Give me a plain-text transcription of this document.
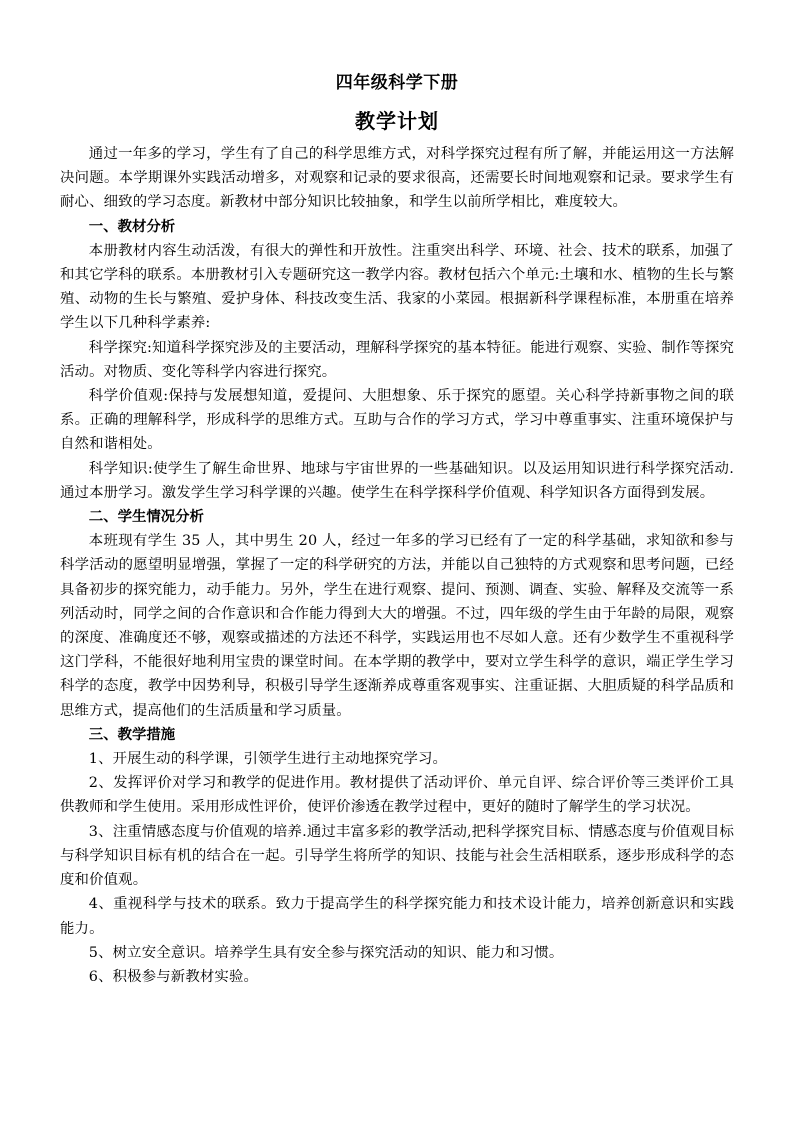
四年级科学下册
教学计划

通过一年多的学习，学生有了自己的科学思维方式，对科学探究过程有所了解，并能运用这一方法解决问题。本学期课外实践活动增多，对观察和记录的要求很高，还需要长时间地观察和记录。要求学生有耐心、细致的学习态度。新教材中部分知识比较抽象，和学生以前所学相比，难度较大。

一、教材分析

本册教材内容生动活泼，有很大的弹性和开放性。注重突出科学、环境、社会、技术的联系，加强了和其它学科的联系。本册教材引入专题研究这一教学内容。教材包括六个单元:土壤和水、植物的生长与繁殖、动物的生长与繁殖、爱护身体、科技改变生活、我家的小菜园。根据新科学课程标准，本册重在培养学生以下几种科学素养:

科学探究:知道科学探究涉及的主要活动，理解科学探究的基本特征。能进行观察、实验、制作等探究活动。对物质、变化等科学内容进行探究。

科学价值观:保持与发展想知道，爱提问、大胆想象、乐于探究的愿望。关心科学持新事物之间的联系。正确的理解科学，形成科学的思维方式。互助与合作的学习方式，学习中尊重事实、注重环境保护与自然和谐相处。

科学知识:使学生了解生命世界、地球与宇宙世界的一些基础知识。以及运用知识进行科学探究活动.通过本册学习。激发学生学习科学课的兴趣。使学生在科学探科学价值观、科学知识各方面得到发展。

二、学生情况分析

本班现有学生 35 人，其中男生 20 人，经过一年多的学习已经有了一定的科学基础，求知欲和参与科学活动的愿望明显增强，掌握了一定的科学研究的方法，并能以自己独特的方式观察和思考问题，已经具备初步的探究能力，动手能力。另外，学生在进行观察、提问、预测、调查、实验、解释及交流等一系列活动时，同学之间的合作意识和合作能力得到大大的增强。不过，四年级的学生由于年龄的局限，观察的深度、准确度还不够，观察或描述的方法还不科学，实践运用也不尽如人意。还有少数学生不重视科学这门学科，不能很好地利用宝贵的课堂时间。在本学期的教学中，要对立学生科学的意识，端正学生学习科学的态度，教学中因势利导，积极引导学生逐渐养成尊重客观事实、注重证据、大胆质疑的科学品质和思维方式，提高他们的生活质量和学习质量。

三、教学措施

1、开展生动的科学课，引领学生进行主动地探究学习。

2、发挥评价对学习和教学的促进作用。教材提供了活动评价、单元自评、综合评价等三类评价工具供教师和学生使用。采用形成性评价，使评价渗透在教学过程中，更好的随时了解学生的学习状况。

3、注重情感态度与价值观的培养.通过丰富多彩的教学活动,把科学探究目标、情感态度与价值观目标与科学知识目标有机的结合在一起。引导学生将所学的知识、技能与社会生活相联系，逐步形成科学的态度和价值观。

4、重视科学与技术的联系。致力于提高学生的科学探究能力和技术设计能力，培养创新意识和实践能力。

5、树立安全意识。培养学生具有安全参与探究活动的知识、能力和习惯。

6、积极参与新教材实验。
